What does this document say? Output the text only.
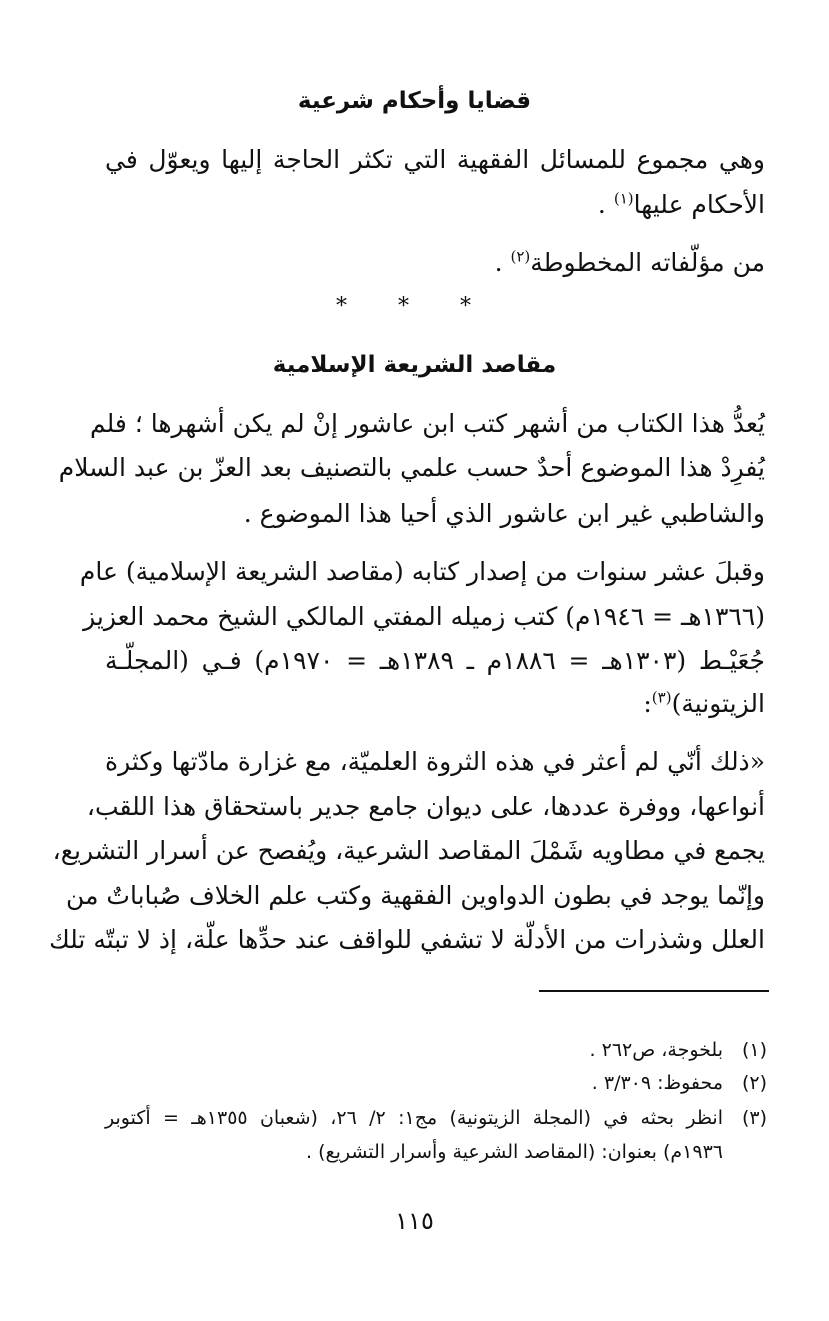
قضايا وأحكام شرعية
وهي مجموع للمسائل الفقهية التي تكثر الحاجة إليها ويعوّل في
الأحكام عليها$^{(١)}$ .
من مؤلّفاته المخطوطة$^{(٢)}$ .
* * *
مقاصد الشريعة الإسلامية
يُعدُّ هذا الكتاب من أشهر كتب ابن عاشور إنْ لم يكن أشهرها ؛ فلم
يُفرِدْ هذا الموضوع أحدٌ حسب علمي بالتصنيف بعد العزّ بن عبد السلام
والشاطبي غير ابن عاشور الذي أحيا هذا الموضوع .
وقبلَ عشر سنوات من إصدار كتابه (مقاصد الشريعة الإسلامية) عام
(١٣٦٦هـ = ١٩٤٦م) كتب زميله المفتي المالكي الشيخ محمد العزيز
جُعَيْـط (١٣٠٣هـ = ١٨٨٦م ـ ١٣٨٩هـ = ١٩٧٠م) فـي (المجلّـة
الزيتونية)$^{(٣)}$:
«ذلك أنّي لم أعثر في هذه الثروة العلميّة، مع غزارة مادّتها وكثرة
أنواعها، ووفرة عددها، على ديوان جامع جدير باستحقاق هذا اللقب،
يجمع في مطاويه شَمْلَ المقاصد الشرعية، ويُفصح عن أسرار التشريع،
وإنّما يوجد في بطون الدواوين الفقهية وكتب علم الخلاف صُباباتٌ من
العلل وشذرات من الأدلّة لا تشفي للواقف عند حدِّها علّة، إذ لا تبتّه تلك
(١)بلخوجة، ص٢٦٢ .
(٢)محفوظ: ٣/٣٠٩ .
(٣)انظر بحثه في (المجلة الزيتونية) مج١: ٢/ ٢٦، (شعبان ١٣٥٥هـ = أكتوبر
١٩٣٦م) بعنوان: (المقاصد الشرعية وأسرار التشريع) .
١١٥
